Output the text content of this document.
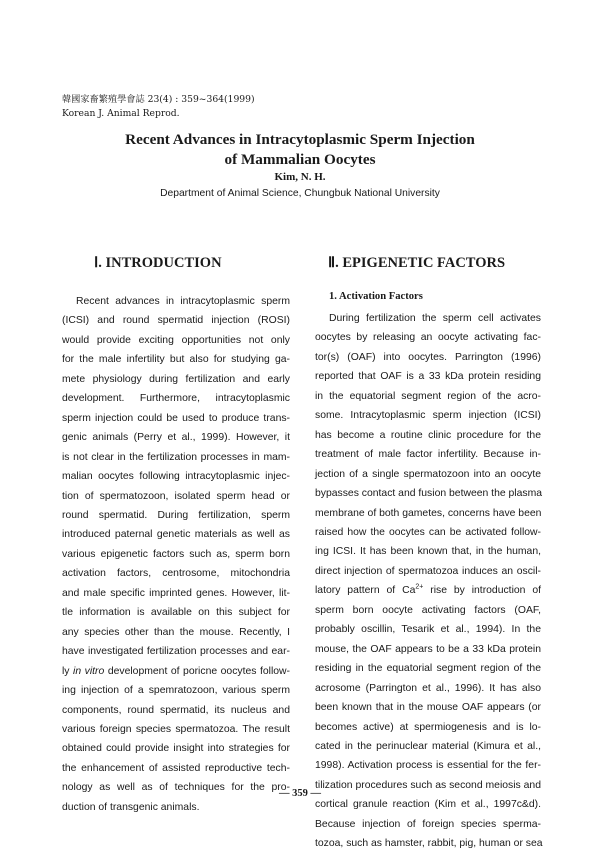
韓國家畜繁殖學會誌 23(4) : 359~364(1999)
Korean J. Animal Reprod.
Recent Advances in Intracytoplasmic Sperm Injection
of Mammalian Oocytes
Kim, N. H.
Department of Animal Science, Chungbuk National University
Ⅰ. INTRODUCTION
Recent advances in intracytoplasmic sperm
(ICSI) and round spermatid injection (ROSI)
would provide exciting opportunities not only
for the male infertility but also for studying ga-
mete physiology during fertilization and early
development. Furthermore, intracytoplasmic
sperm injection could be used to produce trans-
genic animals (Perry et al., 1999). However, it
is not clear in the fertilization processes in mam-
malian oocytes following intracytoplasmic injec-
tion of spermatozoon, isolated sperm head or
round spermatid. During fertilization, sperm
introduced paternal genetic materials as well as
various epigenetic factors such as, sperm born
activation factors, centrosome, mitochondria
and male specific imprinted genes. However, lit-
tle information is available on this subject for
any species other than the mouse. Recently, I
have investigated fertilization processes and ear-
ly in vitro development of poricne oocytes follow-
ing injection of a spemratozoon, various sperm
components, round spermatid, its nucleus and
various foreign species spermatozoa. The result
obtained could provide insight into strategies for
the enhancement of assisted reproductive tech-
nology as well as of techniques for the pro-
duction of transgenic animals.
Ⅱ. EPIGENETIC FACTORS
1. Activation Factors
During fertilization the sperm cell activates
oocytes by releasing an oocyte activating fac-
tor(s) (OAF) into oocytes. Parrington (1996)
reported that OAF is a 33 kDa protein residing
in the equatorial segment region of the acro-
some. Intracytoplasmic sperm injection (ICSI)
has become a routine clinic procedure for the
treatment of male factor infertility. Because in-
jection of a single spermatozoon into an oocyte
bypasses contact and fusion between the plasma
membrane of both gametes, concerns have been
raised how the oocytes can be activated follow-
ing ICSI. It has been known that, in the human,
direct injection of spermatozoa induces an oscil-
latory pattern of $Ca^{2+}$ rise by introduction of
sperm born oocyte activating factors (OAF,
probably oscillin, Tesarik et al., 1994). In the
mouse, the OAF appears to be a 33 kDa protein
residing in the equatorial segment region of the
acrosome (Parrington et al., 1996). It has also
been known that in the mouse OAF appears (or
becomes active) at spermiogenesis and is lo-
cated in the perinuclear material (Kimura et al.,
1998). Activation process is essential for the fer-
tilization procedures such as second meiosis and
cortical granule reaction (Kim et al., 1997c&d).
Because injection of foreign species sperma-
tozoa, such as hamster, rabbit, pig, human or sea
— 359 —
